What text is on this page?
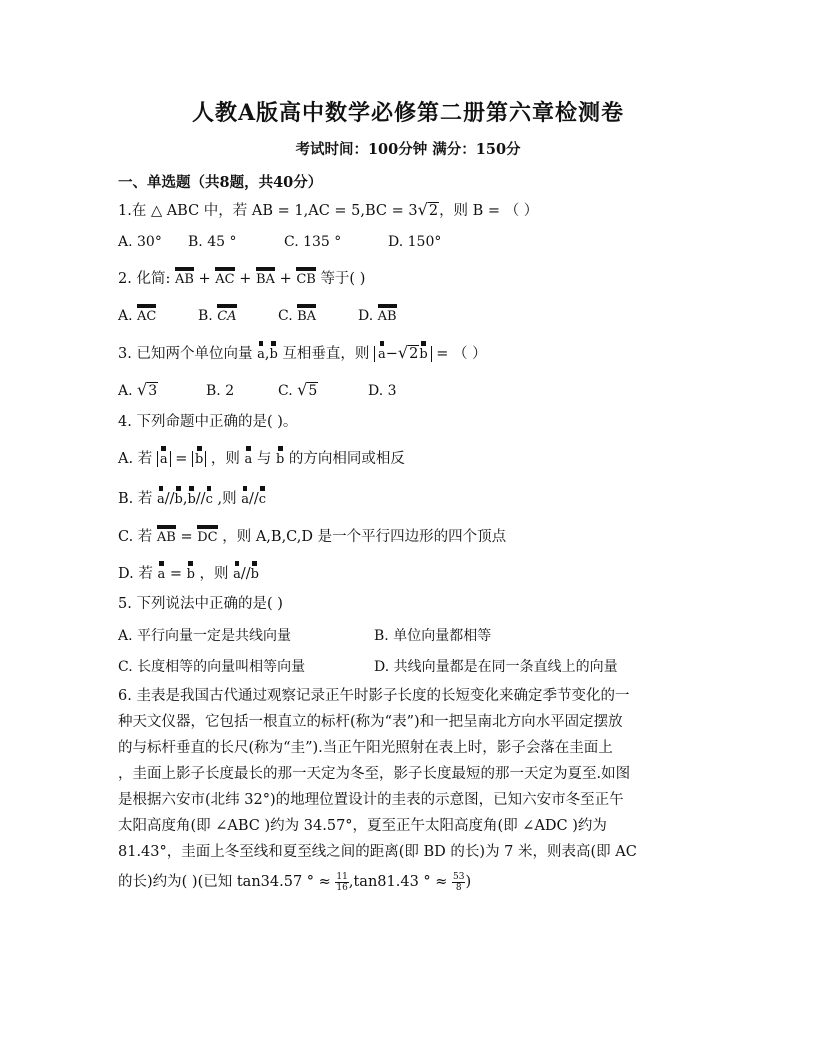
人教A版高中数学必修第二册第六章检测卷
考试时间：100分钟 满分：150分
一、单选题（共8题，共40分）
1.在 △ ABC 中，若 AB = 1,AC = 5,BC = 3√2，则 B = （ ）
A. 30° B. 45 °	C. 135 °	D. 150°
2. 化简: AB + AC + BA + CB 等于( )
A. AC	B. CA	C. BA	D. AB
3. 已知两个单位向量 a,b 互相垂直，则 a−√2b = （ ）
A. √3	B. 2	C. √5	D. 3
4. 下列命题中正确的是( )。
A. 若 a = b ，则 a 与 b 的方向相同或相反
B. 若 a//b,b//c ,则 a//c
C. 若 AB = DC ，则 A,B,C,D 是一个平行四边形的四个顶点
D. 若 a = b ，则 a//b
5. 下列说法中正确的是( )
A. 平行向量一定是共线向量	B. 单位向量都相等
C. 长度相等的向量叫相等向量	D. 共线向量都是在同一条直线上的向量
6. 圭表是我国古代通过观察记录正午时影子长度的长短变化来确定季节变化的一
种天文仪器，它包括一根直立的标杆(称为“表”)和一把呈南北方向水平固定摆放
的与标杆垂直的长尺(称为“圭”).当正午阳光照射在表上时，影子会落在圭面上
，圭面上影子长度最长的那一天定为冬至，影子长度最短的那一天定为夏至.如图
是根据六安市(北纬 32°)的地理位置设计的圭表的示意图，已知六安市冬至正午
太阳高度角(即 ∠ABC )约为 34.57°，夏至正午太阳高度角(即 ∠ADC )约为
81.43°，圭面上冬至线和夏至线之间的距离(即 BD 的长)为 7 米，则表高(即 AC
的长)约为( )(已知 tan34.57 ° ≈ $\frac{11}{16} ,\tan 81.43$ ° ≈ $\frac{53}{8}$ )
